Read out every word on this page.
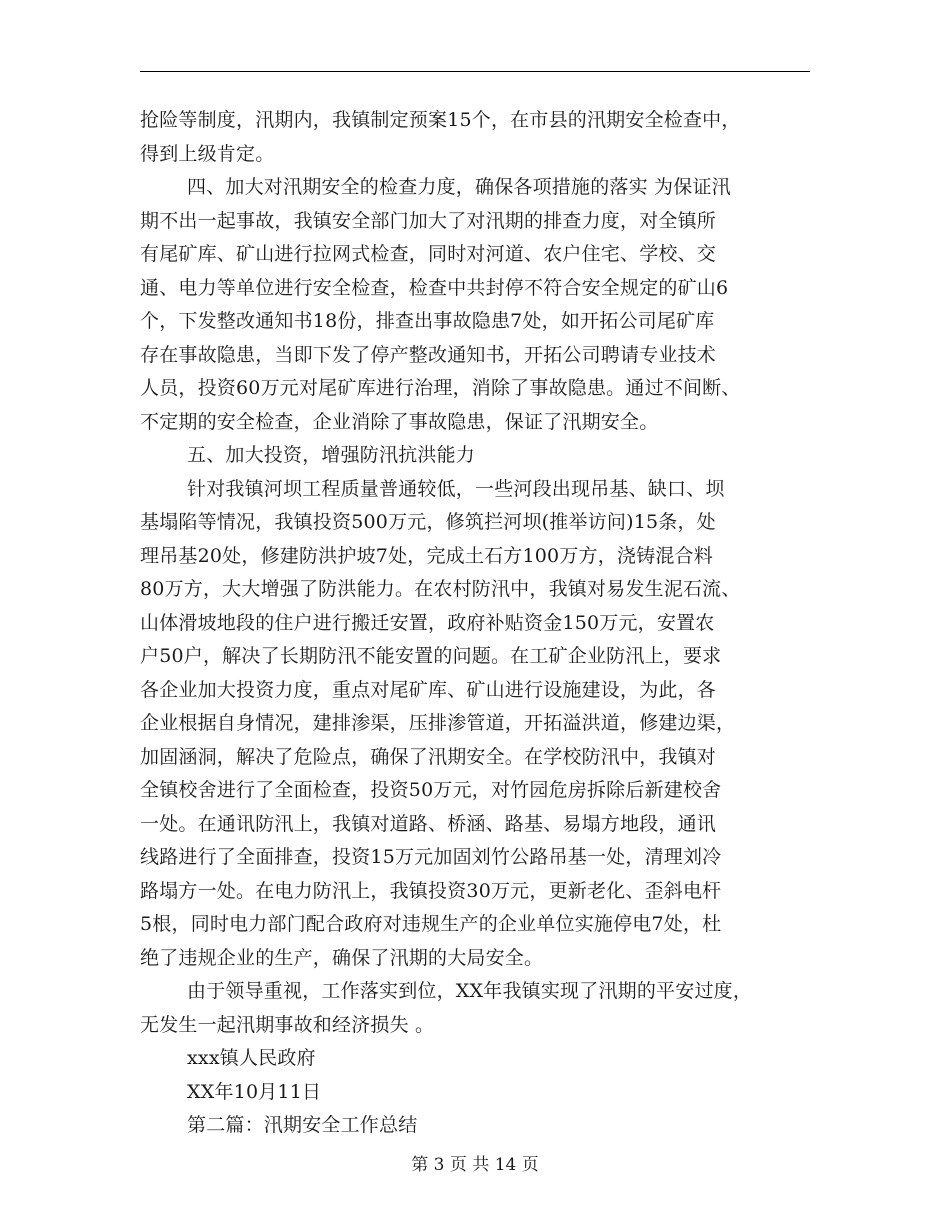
抢险等制度，汛期内，我镇制定预案15个，在市县的汛期安全检查中，
得到上级肯定。
四、加大对汛期安全的检查力度，确保各项措施的落实 为保证汛
期不出一起事故，我镇安全部门加大了对汛期的排查力度，对全镇所
有尾矿库、矿山进行拉网式检查，同时对河道、农户住宅、学校、交
通、电力等单位进行安全检查，检查中共封停不符合安全规定的矿山6
个，下发整改通知书18份，排查出事故隐患7处，如开拓公司尾矿库
存在事故隐患，当即下发了停产整改通知书，开拓公司聘请专业技术
人员，投资60万元对尾矿库进行治理，消除了事故隐患。通过不间断、
不定期的安全检查，企业消除了事故隐患，保证了汛期安全。
五、加大投资，增强防汛抗洪能力
针对我镇河坝工程质量普通较低，一些河段出现吊基、缺口、坝
基塌陷等情况，我镇投资500万元，修筑拦河坝(推举访问)15条，处
理吊基20处，修建防洪护坡7处，完成土石方100万方，浇铸混合料
80万方，大大增强了防洪能力。在农村防汛中，我镇对易发生泥石流、
山体滑坡地段的住户进行搬迁安置，政府补贴资金150万元，安置农
户50户，解决了长期防汛不能安置的问题。在工矿企业防汛上，要求
各企业加大投资力度，重点对尾矿库、矿山进行设施建设，为此，各
企业根据自身情况，建排渗渠，压排渗管道，开拓溢洪道，修建边渠，
加固涵洞，解决了危险点，确保了汛期安全。在学校防汛中，我镇对
全镇校舍进行了全面检查，投资50万元，对竹园危房拆除后新建校舍
一处。在通讯防汛上，我镇对道路、桥涵、路基、易塌方地段，通讯
线路进行了全面排查，投资15万元加固刘竹公路吊基一处，清理刘冷
路塌方一处。在电力防汛上，我镇投资30万元，更新老化、歪斜电杆
5根，同时电力部门配合政府对违规生产的企业单位实施停电7处，杜
绝了违规企业的生产，确保了汛期的大局安全。
由于领导重视，工作落实到位，XX年我镇实现了汛期的平安过度，
无发生一起汛期事故和经济损失 。
xxx镇人民政府
XX年10月11日
第二篇：汛期安全工作总结
第 3 页 共 14 页
